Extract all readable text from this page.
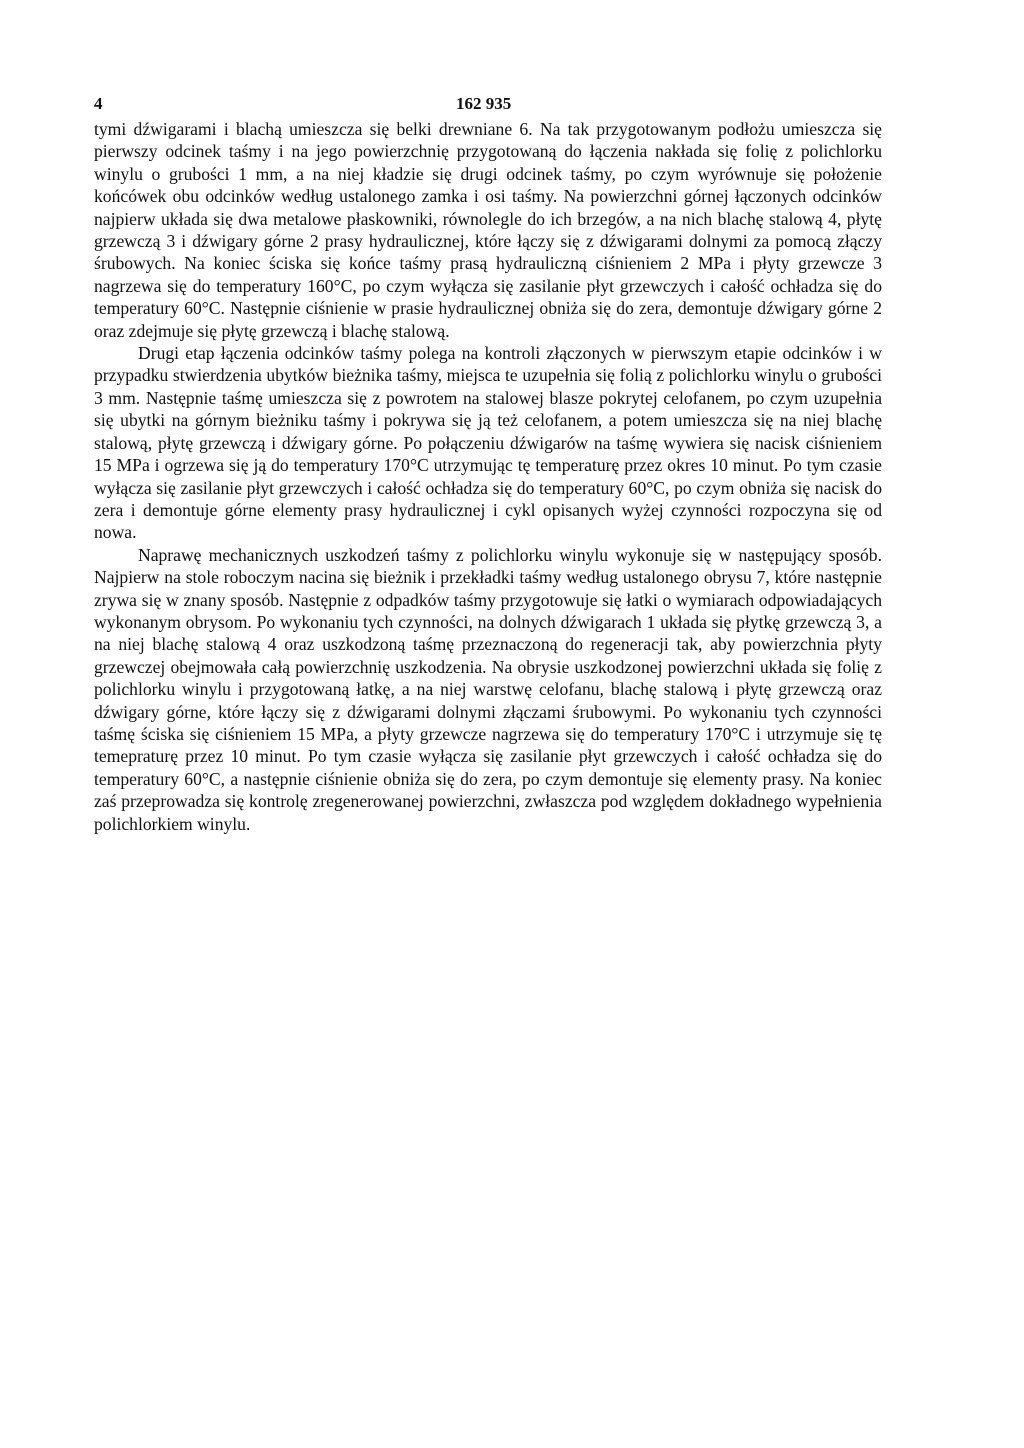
4	162 935

tymi dźwigarami i blachą umieszcza się belki drewniane 6. Na tak przygotowanym podłożu umieszcza się pierwszy odcinek taśmy i na jego powierzchnię przygotowaną do łączenia nakłada się folię z polichlorku winylu o grubości 1 mm, a na niej kładzie się drugi odcinek taśmy, po czym wyrównuje się położenie końcówek obu odcinków według ustalonego zamka i osi taśmy. Na powierzchni górnej łączonych odcinków najpierw układa się dwa metalowe płaskowniki, równolegle do ich brzegów, a na nich blachę stalową 4, płytę grzewczą 3 i dźwigary górne 2 prasy hydraulicznej, które łączy się z dźwigarami dolnymi za pomocą złączy śrubowych. Na koniec ściska się końce taśmy prasą hydrauliczną ciśnieniem 2 MPa i płyty grzewcze 3 nagrzewa się do temperatury 160°C, po czym wyłącza się zasilanie płyt grzewczych i całość ochładza się do temperatury 60°C. Następnie ciśnienie w prasie hydraulicznej obniża się do zera, demontuje dźwigary górne 2 oraz zdejmuje się płytę grzewczą i blachę stalową.

Drugi etap łączenia odcinków taśmy polega na kontroli złączonych w pierwszym etapie odcinków i w przypadku stwierdzenia ubytków bieżnika taśmy, miejsca te uzupełnia się folią z polichlorku winylu o grubości 3 mm. Następnie taśmę umieszcza się z powrotem na stalowej blasze pokrytej celofanem, po czym uzupełnia się ubytki na górnym bieżniku taśmy i pokrywa się ją też celofanem, a potem umieszcza się na niej blachę stalową, płytę grzewczą i dźwigary górne. Po połączeniu dźwigarów na taśmę wywiera się nacisk ciśnieniem 15 MPa i ogrzewa się ją do temperatury 170°C utrzymując tę temperaturę przez okres 10 minut. Po tym czasie wyłącza się zasilanie płyt grzewczych i całość ochładza się do temperatury 60°C, po czym obniża się nacisk do zera i demontuje górne elementy prasy hydraulicznej i cykl opisanych wyżej czynności rozpoczyna się od nowa.

Naprawę mechanicznych uszkodzeń taśmy z polichlorku winylu wykonuje się w następujący sposób. Najpierw na stole roboczym nacina się bieżnik i przekładki taśmy według ustalonego obrysu 7, które następnie zrywa się w znany sposób. Następnie z odpadków taśmy przygotowuje się łatki o wymiarach odpowiadających wykonanym obrysom. Po wykonaniu tych czynności, na dolnych dźwigarach 1 układa się płytkę grzewczą 3, a na niej blachę stalową 4 oraz uszkodzoną taśmę przeznaczoną do regeneracji tak, aby powierzchnia płyty grzewczej obejmowała całą powierzchnię uszkodzenia. Na obrysie uszkodzonej powierzchni układa się folię z polichlorku winylu i przygotowaną łatkę, a na niej warstwę celofanu, blachę stalową i płytę grzewczą oraz dźwigary górne, które łączy się z dźwigarami dolnymi złączami śrubowymi. Po wykonaniu tych czynności taśmę ściska się ciśnieniem 15 MPa, a płyty grzewcze nagrzewa się do temperatury 170°C i utrzymuje się tę temepraturę przez 10 minut. Po tym czasie wyłącza się zasilanie płyt grzewczych i całość ochładza się do temperatury 60°C, a następnie ciśnienie obniża się do zera, po czym demontuje się elementy prasy. Na koniec zaś przeprowadza się kontrolę zregenerowanej powierzchni, zwłaszcza pod względem dokładnego wypełnienia polichlorkiem winylu.
